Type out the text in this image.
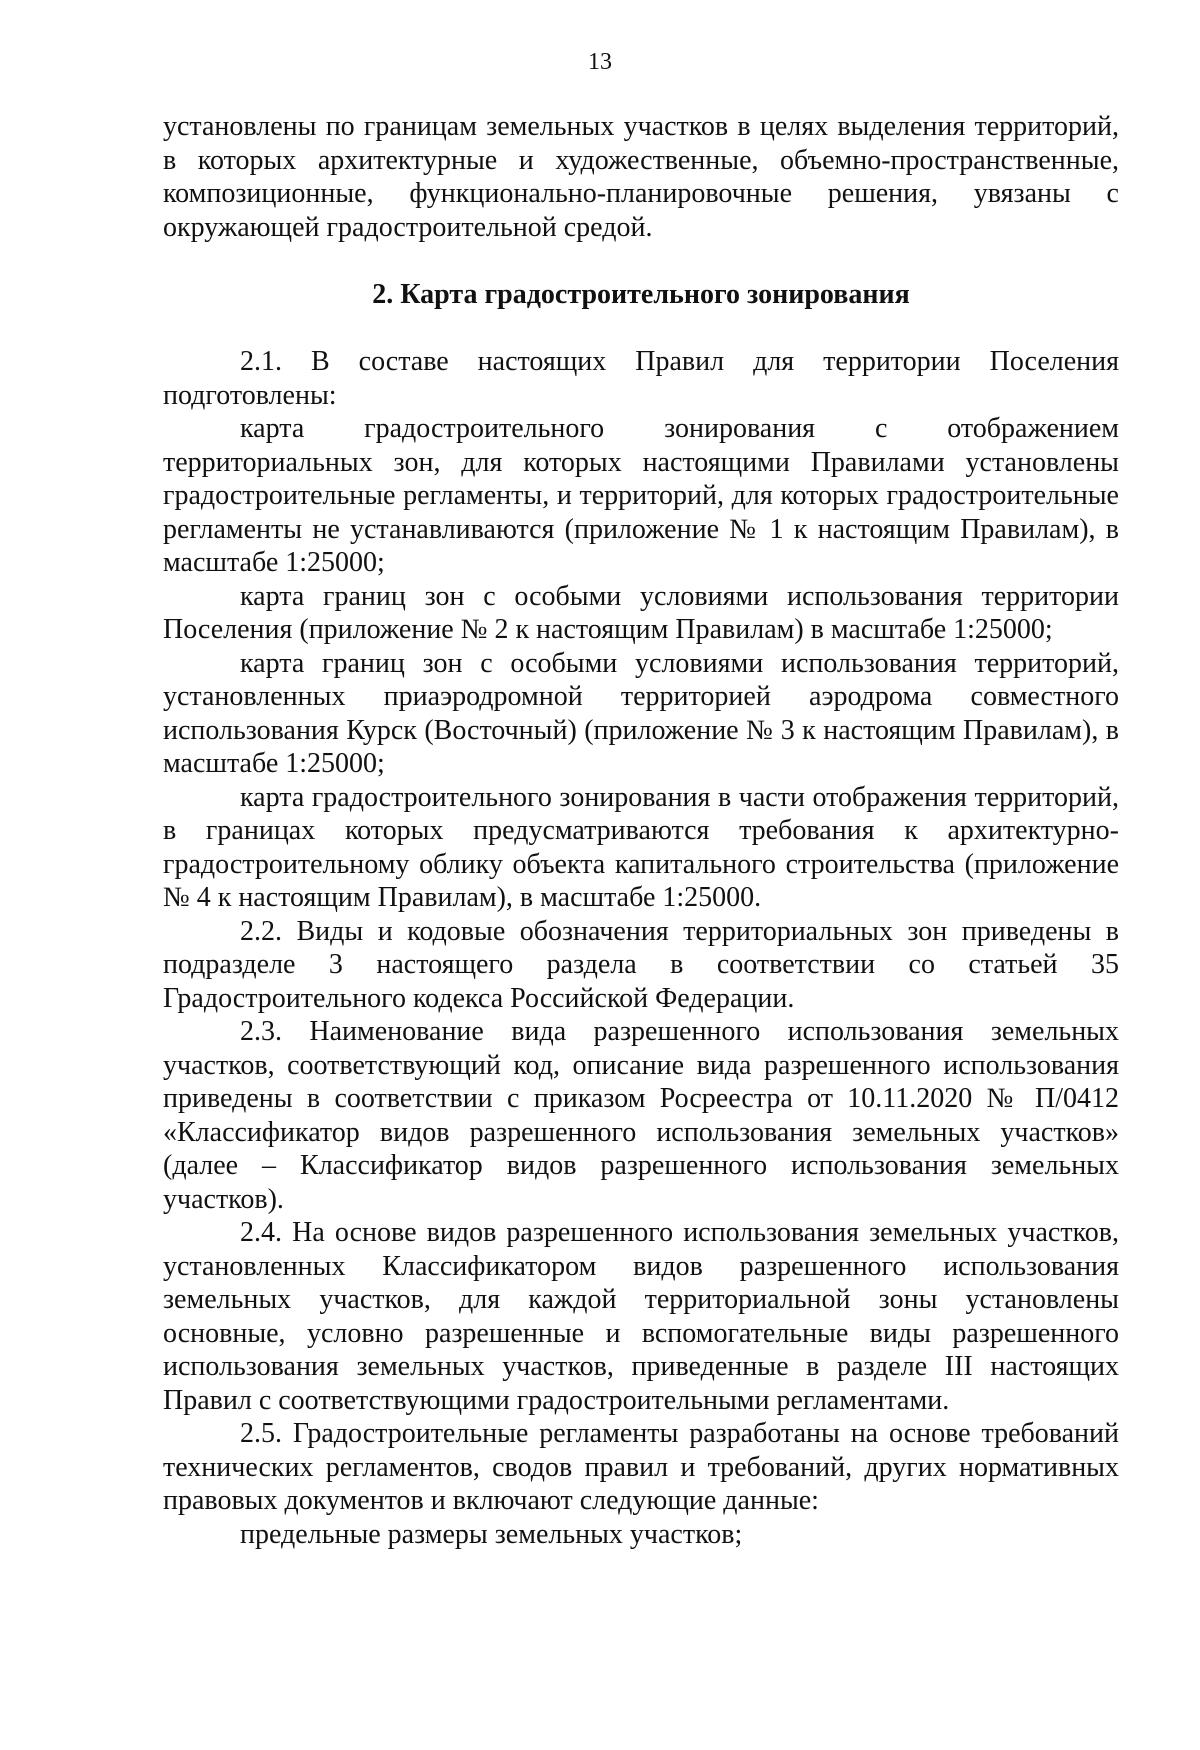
13

установлены по границам земельных участков в целях выделения территорий, в которых архитектурные и художественные, объемно-пространственные, композиционные, функционально-планировочные решения, увязаны с окружающей градостроительной средой.

2. Карта градостроительного зонирования

2.1. В составе настоящих Правил для территории Поселения подготовлены:

карта градостроительного зонирования с отображением территориальных зон, для которых настоящими Правилами установлены градостроительные регламенты, и территорий, для которых градостроительные регламенты не устанавливаются (приложение № 1 к настоящим Правилам), в масштабе 1:25000;

карта границ зон с особыми условиями использования территории Поселения (приложение № 2 к настоящим Правилам) в масштабе 1:25000;

карта границ зон с особыми условиями использования территорий, установленных приаэродромной территорией аэродрома совместного использования Курск (Восточный) (приложение № 3 к настоящим Правилам), в масштабе 1:25000;

карта градостроительного зонирования в части отображения территорий, в границах которых предусматриваются требования к архитектурно-градостроительному облику объекта капитального строительства (приложение № 4 к настоящим Правилам), в масштабе 1:25000.

2.2. Виды и кодовые обозначения территориальных зон приведены в подразделе 3 настоящего раздела в соответствии со статьей 35 Градостроительного кодекса Российской Федерации.

2.3. Наименование вида разрешенного использования земельных участков, соответствующий код, описание вида разрешенного использования приведены в соответствии с приказом Росреестра от 10.11.2020 № П/0412 «Классификатор видов разрешенного использования земельных участков» (далее – Классификатор видов разрешенного использования земельных участков).

2.4. На основе видов разрешенного использования земельных участков, установленных Классификатором видов разрешенного использования земельных участков, для каждой территориальной зоны установлены основные, условно разрешенные и вспомогательные виды разрешенного использования земельных участков, приведенные в разделе III настоящих Правил с соответствующими градостроительными регламентами.

2.5. Градостроительные регламенты разработаны на основе требований технических регламентов, сводов правил и требований, других нормативных правовых документов и включают следующие данные:

предельные размеры земельных участков;
